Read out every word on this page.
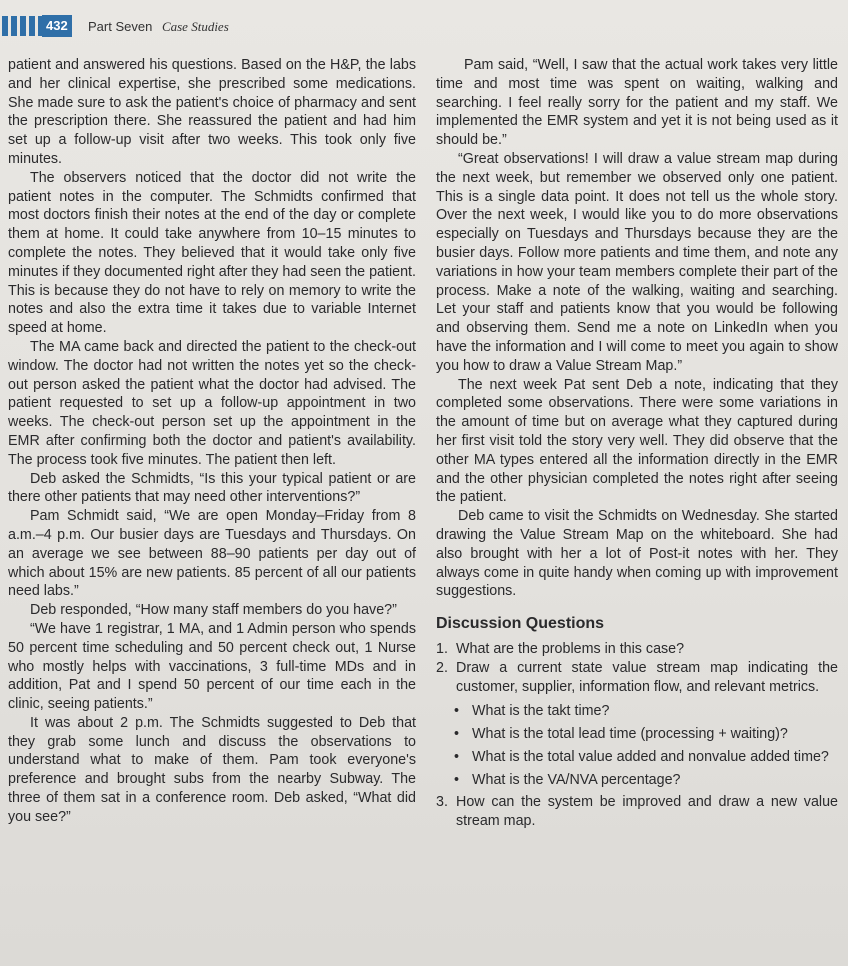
432	Part Seven Case Studies

patient and answered his questions. Based on the H&P, the labs and her clinical expertise, she prescribed some medications. She made sure to ask the patient's choice of pharmacy and sent the prescription there. She reassured the patient and had him set up a follow-up visit after two weeks. This took only five minutes.

The observers noticed that the doctor did not write the patient notes in the computer. The Schmidts confirmed that most doctors finish their notes at the end of the day or complete them at home. It could take anywhere from 10–15 minutes to complete the notes. They believed that it would take only five minutes if they documented right after they had seen the patient. This is because they do not have to rely on memory to write the notes and also the extra time it takes due to variable Internet speed at home.

The MA came back and directed the patient to the check-out window. The doctor had not written the notes yet so the check-out person asked the patient what the doctor had advised. The patient requested to set up a follow-up appointment in two weeks. The check-out person set up the appointment in the EMR after confirming both the doctor and patient's availability. The process took five minutes. The patient then left.

Deb asked the Schmidts, “Is this your typical patient or are there other patients that may need other interventions?”

Pam Schmidt said, “We are open Monday–Friday from 8 a.m.–4 p.m. Our busier days are Tuesdays and Thursdays. On an average we see between 88–90 patients per day out of which about 15% are new patients. 85 percent of all our patients need labs.”

Deb responded, “How many staff members do you have?”

“We have 1 registrar, 1 MA, and 1 Admin person who spends 50 percent time scheduling and 50 percent check out, 1 Nurse who mostly helps with vaccinations, 3 full-time MDs and in addition, Pat and I spend 50 percent of our time each in the clinic, seeing patients.”

It was about 2 p.m. The Schmidts suggested to Deb that they grab some lunch and discuss the observations to understand what to make of them. Pam took everyone's preference and brought subs from the nearby Subway. The three of them sat in a conference room. Deb asked, “What did you see?”

Pam said, “Well, I saw that the actual work takes very little time and most time was spent on waiting, walking and searching. I feel really sorry for the patient and my staff. We implemented the EMR system and yet it is not being used as it should be.”

“Great observations! I will draw a value stream map during the next week, but remember we observed only one patient. This is a single data point. It does not tell us the whole story. Over the next week, I would like you to do more observations especially on Tuesdays and Thursdays because they are the busier days. Follow more patients and time them, and note any variations in how your team members complete their part of the process. Make a note of the walking, waiting and searching. Let your staff and patients know that you would be following and observing them. Send me a note on LinkedIn when you have the information and I will come to meet you again to show you how to draw a Value Stream Map.”

The next week Pat sent Deb a note, indicating that they completed some observations. There were some variations in the amount of time but on average what they captured during her first visit told the story very well. They did observe that the other MA types entered all the information directly in the EMR and the other physician completed the notes right after seeing the patient.

Deb came to visit the Schmidts on Wednesday. She started drawing the Value Stream Map on the whiteboard. She had also brought with her a lot of Post-it notes with her. They always come in quite handy when coming up with improvement suggestions.

Discussion Questions

1. What are the problems in this case?

2. Draw a current state value stream map indicating the customer, supplier, information flow, and relevant metrics.

• What is the takt time?
• What is the total lead time (processing + waiting)?
• What is the total value added and nonvalue added time?
• What is the VA/NVA percentage?

3. How can the system be improved and draw a new value stream map.
